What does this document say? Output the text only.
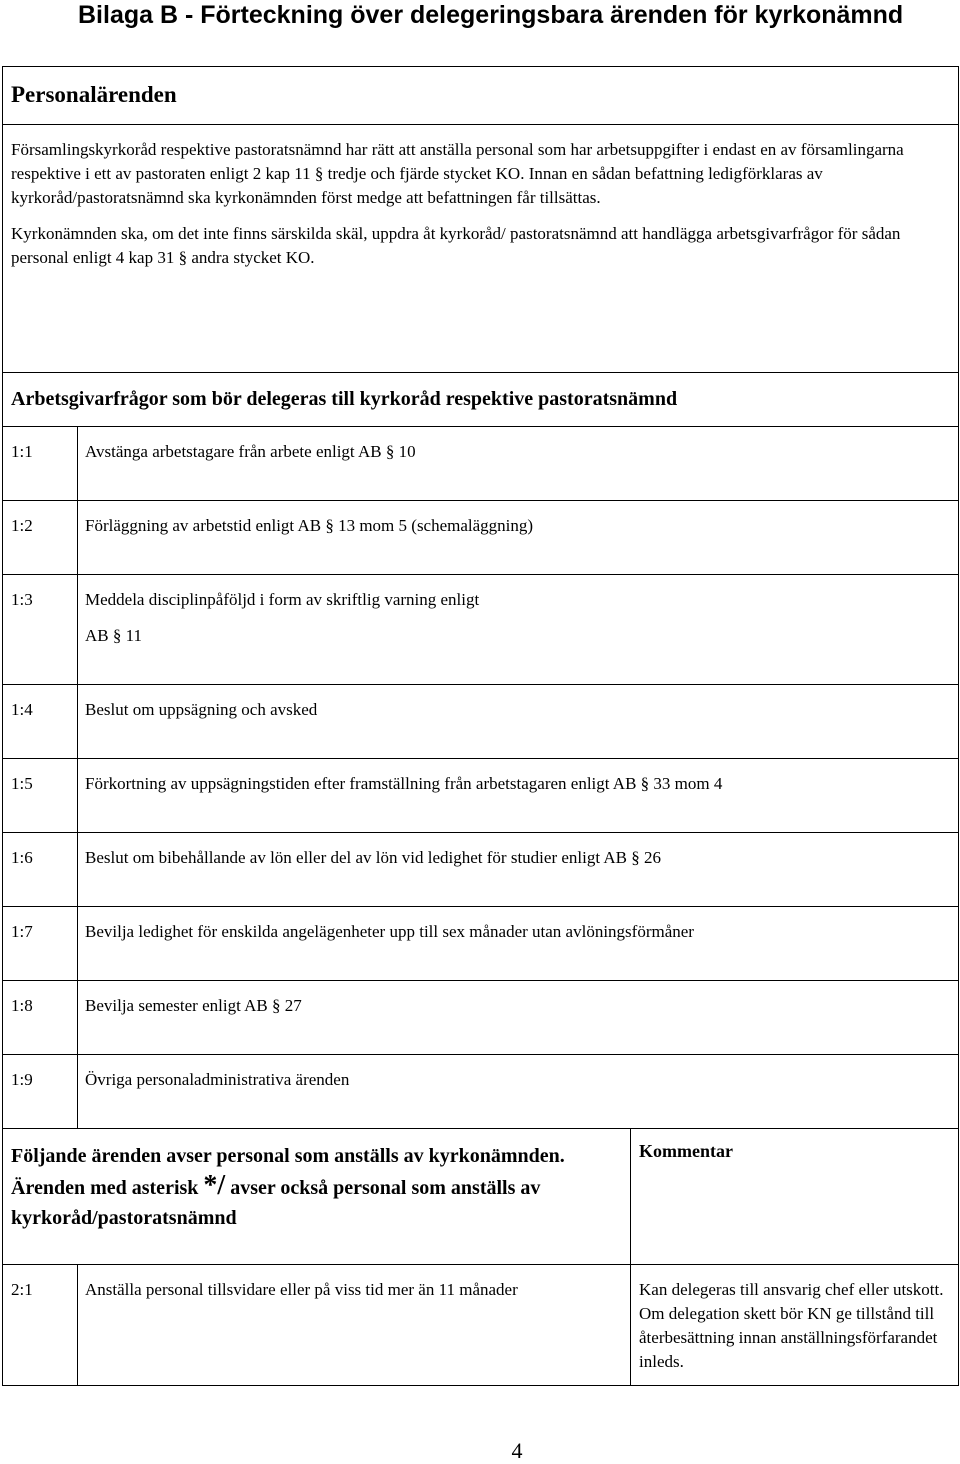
Bilaga B - Förteckning över delegeringsbara ärenden för kyrkonämnd
Personalärenden

Församlingskyrkoråd respektive pastoratsnämnd har rätt att anställa personal som har arbetsuppgifter i endast en av församlingarna respektive i ett av pastoraten enligt 2 kap 11 § tredje och fjärde stycket KO. Innan en sådan befattning ledigförklaras av kyrkoråd/pastoratsnämnd ska kyrkonämnden först medge att befattningen får tillsättas.

Kyrkonämnden ska, om det inte finns särskilda skäl, uppdra åt kyrkoråd/ pastoratsnämnd att handlägga arbetsgivarfrågor för sådan personal enligt 4 kap 31 § andra stycket KO.

Arbetsgivarfrågor som bör delegeras till kyrkoråd respektive pastoratsnämnd
1:1	Avstänga arbetstagare från arbete enligt AB § 10
1:2	Förläggning av arbetstid enligt AB § 13 mom 5 (schemaläggning)
1:3	Meddela disciplinpåföljd i form av skriftlig varning enligt
AB § 11
1:4	Beslut om uppsägning och avsked
1:5	Förkortning av uppsägningstiden efter framställning från arbetstagaren enligt AB § 33 mom 4
1:6	Beslut om bibehållande av lön eller del av lön vid ledighet för studier enligt AB § 26
1:7	Bevilja ledighet för enskilda angelägenheter upp till sex månader utan avlöningsförmåner
1:8	Bevilja semester enligt AB § 27
1:9	Övriga personaladministrativa ärenden
Följande ärenden avser personal som anställs av kyrkonämnden. Ärenden med asterisk */ avser också personal som anställs av kyrkoråd/pastoratsnämnd
Kommentar
2:1	Anställa personal tillsvidare eller på viss tid mer än 11 månader	Kan delegeras till ansvarig chef eller utskott. Om delegation skett bör KN ge tillstånd till återbesättning innan anställningsförfarandet inleds.
4
